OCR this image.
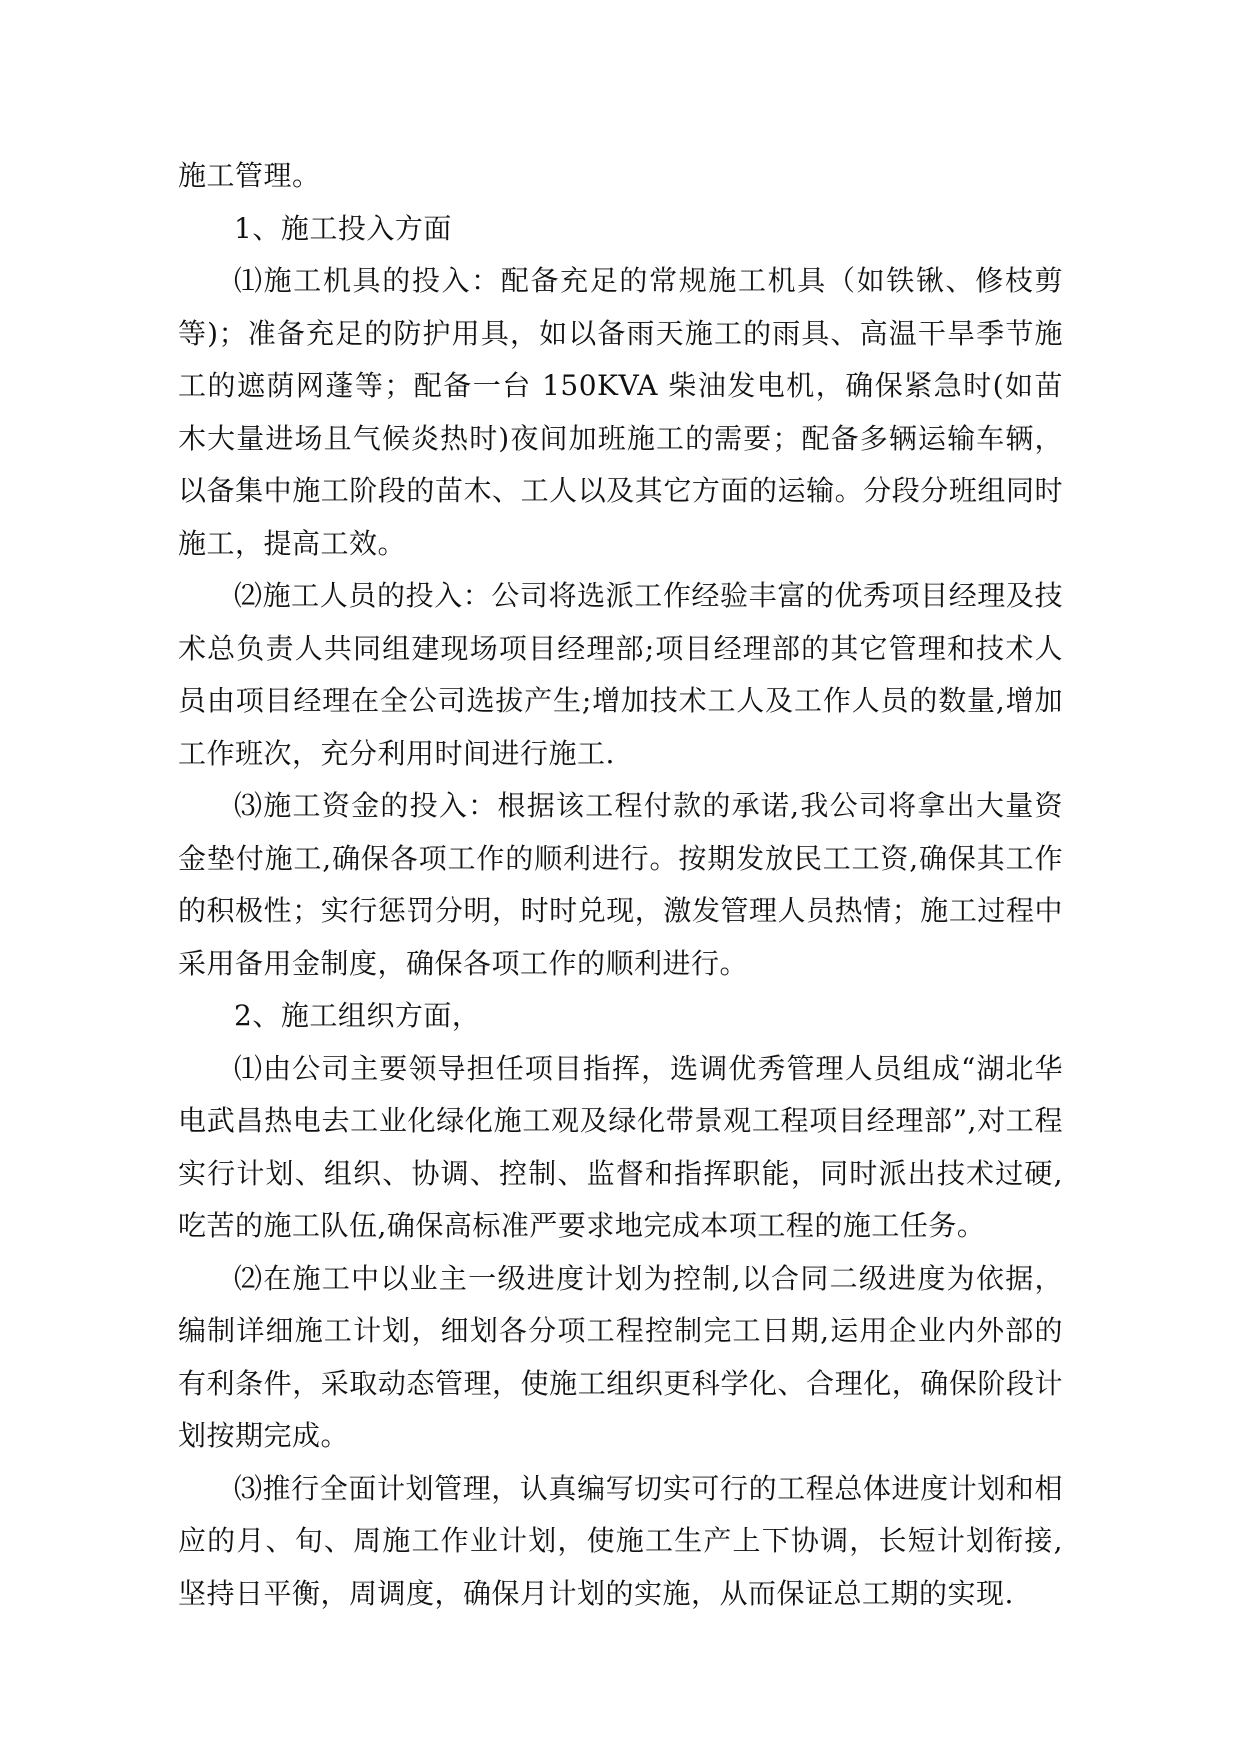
施工管理。

1、施工投入方面

⑴施工机具的投入：配备充足的常规施工机具（如铁锹、修枝剪等)；准备充足的防护用具，如以备雨天施工的雨具、高温干旱季节施工的遮荫网蓬等；配备一台 150KVA 柴油发电机，确保紧急时(如苗木大量进场且气候炎热时)夜间加班施工的需要；配备多辆运输车辆，以备集中施工阶段的苗木、工人以及其它方面的运输。分段分班组同时施工，提高工效。

⑵施工人员的投入：公司将选派工作经验丰富的优秀项目经理及技术总负责人共同组建现场项目经理部;项目经理部的其它管理和技术人员由项目经理在全公司选拔产生;增加技术工人及工作人员的数量,增加工作班次，充分利用时间进行施工.

⑶施工资金的投入：根据该工程付款的承诺,我公司将拿出大量资金垫付施工,确保各项工作的顺利进行。按期发放民工工资,确保其工作的积极性；实行惩罚分明，时时兑现，激发管理人员热情；施工过程中采用备用金制度，确保各项工作的顺利进行。

2、施工组织方面，

⑴由公司主要领导担任项目指挥，选调优秀管理人员组成“湖北华电武昌热电去工业化绿化施工观及绿化带景观工程项目经理部”,对工程实行计划、组织、协调、控制、监督和指挥职能，同时派出技术过硬,吃苦的施工队伍,确保高标准严要求地完成本项工程的施工任务。

⑵在施工中以业主一级进度计划为控制,以合同二级进度为依据，编制详细施工计划，细划各分项工程控制完工日期,运用企业内外部的有利条件，采取动态管理，使施工组织更科学化、合理化，确保阶段计划按期完成。

⑶推行全面计划管理，认真编写切实可行的工程总体进度计划和相应的月、旬、周施工作业计划，使施工生产上下协调，长短计划衔接,坚持日平衡，周调度，确保月计划的实施，从而保证总工期的实现.
